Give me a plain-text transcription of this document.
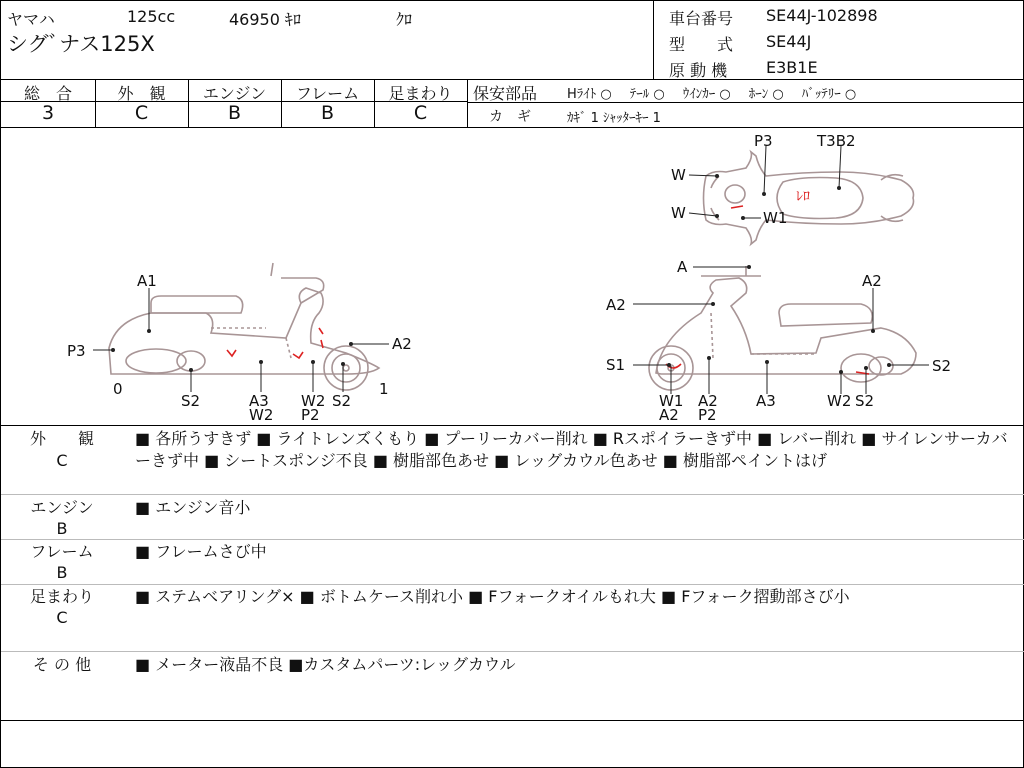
ヤマハ	125cc	46950 ｷﾛ	ｸﾛ
シグﾞナス125X
車台番号 SE44J-102898
型　　式 SE44J
原 動 機 E3B1E
総　合	外　観	エンジン	フレーム	足まわり
3	C	B	B	C
保安部品 Hﾗｲﾄ ○ ﾃｰﾙ ○ ｳｲﾝｶｰ ○ ﾎｰﾝ ○ ﾊﾞｯﾃﾘｰ ○
カ　ギ	ｶｷﾞ 1 ｼｬｯﾀｰｷｰ 1
ﾚﾛ
P3	T3B2
W
W	W1
A1
P3	A2
0	1
S2	A3
W2
W2
P2
S2
A
A2
A2
S1	S2
W1
A2
A2
P2
A3	W2 S2
外　　観
C
■ 各所うすきず ■ ライトレンズくもり ■ プーリーカバー削れ ■ Rスポイラーきず中 ■ レバー削れ ■ サイレンサーカバーきず中 ■ シートスポンジ不良 ■ 樹脂部色あせ ■ レッグカウル色あせ ■ 樹脂部ペイントはげ
エンジン
B
■ エンジン音小
フレーム
B
■ フレームさび中
足まわり
C
■ ステムベアリング× ■ ボトムケース削れ小 ■ Fフォークオイルもれ大 ■ Fフォーク摺動部さび小
そ の 他	■ メーター液晶不良 ■カスタムパーツ:レッグカウル
